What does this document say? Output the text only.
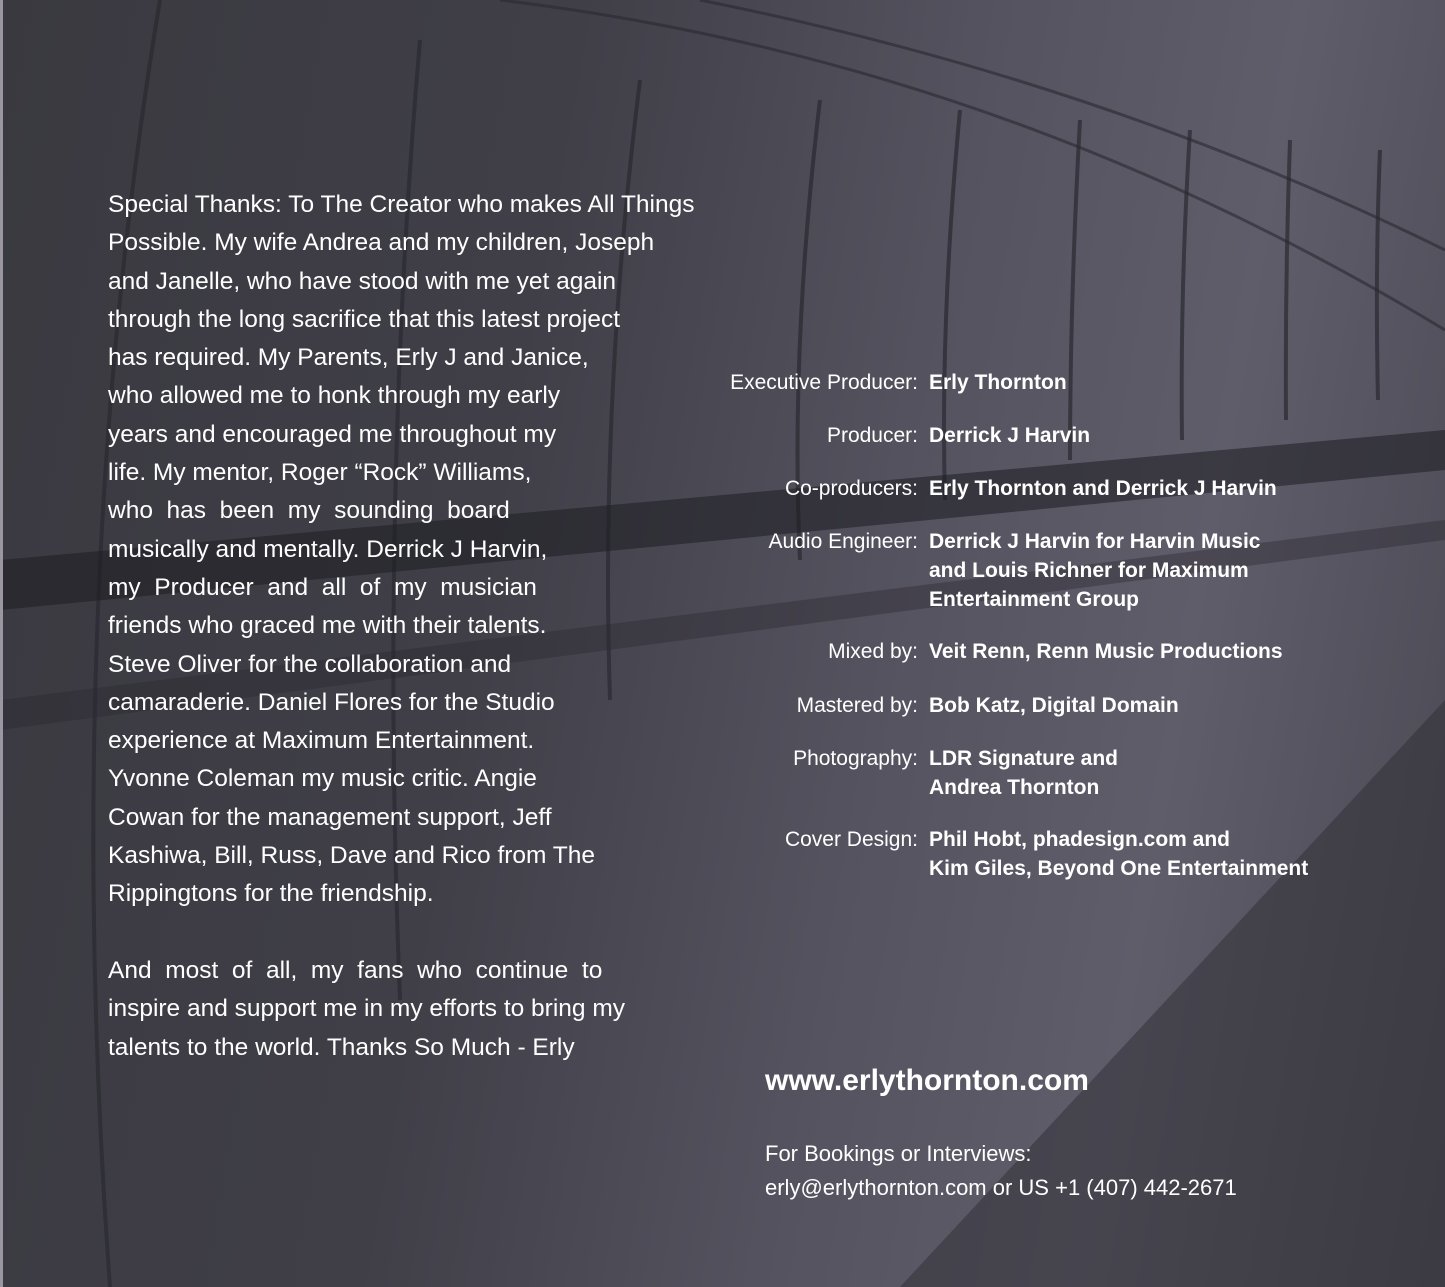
Special Thanks: To The Creator who makes All Things
Possible. My wife Andrea and my children, Joseph
and Janelle, who have stood with me yet again
through the long sacrifice that this latest project
has required. My Parents, Erly J and Janice,
who allowed me to honk through my early
years and encouraged me throughout my
life. My mentor, Roger “Rock” Williams,
who  has  been  my  sounding  board
musically and mentally. Derrick J Harvin,
my  Producer  and  all  of  my  musician
friends who graced me with their talents.
Steve Oliver for the collaboration and
camaraderie. Daniel Flores for the Studio
experience at Maximum Entertainment.
Yvonne Coleman my music critic. Angie
Cowan for the management support, Jeff
Kashiwa, Bill, Russ, Dave and Rico from The
Rippingtons for the friendship.
And  most  of  all,  my  fans  who  continue  to
inspire and support me in my efforts to bring my
talents to the world. Thanks So Much - Erly
Executive Producer: Erly Thornton
Producer: Derrick J Harvin
Co-producers: Erly Thornton and Derrick J Harvin
Audio Engineer: Derrick J Harvin for Harvin Music
and Louis Richner for Maximum
Entertainment Group
Mixed by: Veit Renn, Renn Music Productions
Mastered by: Bob Katz, Digital Domain
Photography: LDR Signature and
Andrea Thornton
Cover Design: Phil Hobt, phadesign.com and
Kim Giles, Beyond One Entertainment
www.erlythornton.com
For Bookings or Interviews:
erly@erlythornton.com or US +1 (407) 442-2671
